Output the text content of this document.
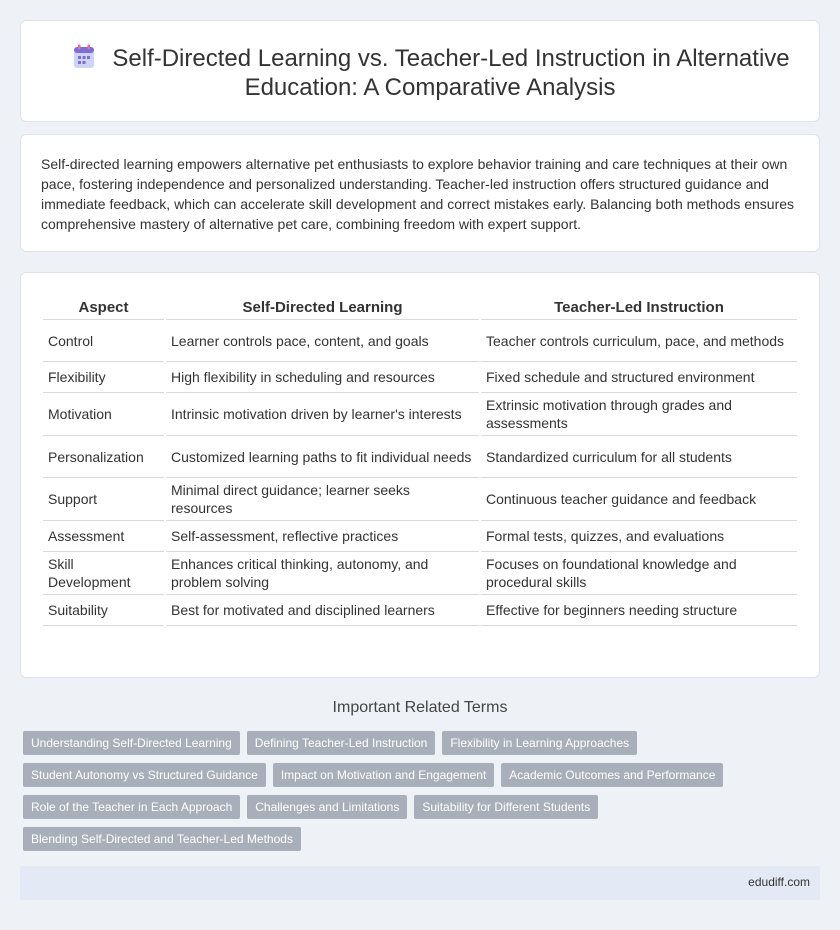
Self-Directed Learning vs. Teacher-Led Instruction in Alternative Education: A Comparative Analysis

Self-directed learning empowers alternative pet enthusiasts to explore behavior training and care techniques at their own pace, fostering independence and personalized understanding. Teacher-led instruction offers structured guidance and immediate feedback, which can accelerate skill development and correct mistakes early. Balancing both methods ensures comprehensive mastery of alternative pet care, combining freedom with expert support.

Aspect	Self-Directed Learning	Teacher-Led Instruction
Control	Learner controls pace, content, and goals	Teacher controls curriculum, pace, and methods
Flexibility	High flexibility in scheduling and resources	Fixed schedule and structured environment
Motivation	Intrinsic motivation driven by learner's interests	Extrinsic motivation through grades and assessments
Personalization	Customized learning paths to fit individual needs	Standardized curriculum for all students
Support	Minimal direct guidance; learner seeks resources	Continuous teacher guidance and feedback
Assessment	Self-assessment, reflective practices	Formal tests, quizzes, and evaluations
Skill Development	Enhances critical thinking, autonomy, and problem solving	Focuses on foundational knowledge and procedural skills
Suitability	Best for motivated and disciplined learners	Effective for beginners needing structure
Important Related Terms
Understanding Self-Directed Learning	Defining Teacher-Led Instruction	Flexibility in Learning Approaches
Student Autonomy vs Structured Guidance	Impact on Motivation and Engagement	Academic Outcomes and Performance
Role of the Teacher in Each Approach	Challenges and Limitations	Suitability for Different Students
Blending Self-Directed and Teacher-Led Methods
edudiff.com
